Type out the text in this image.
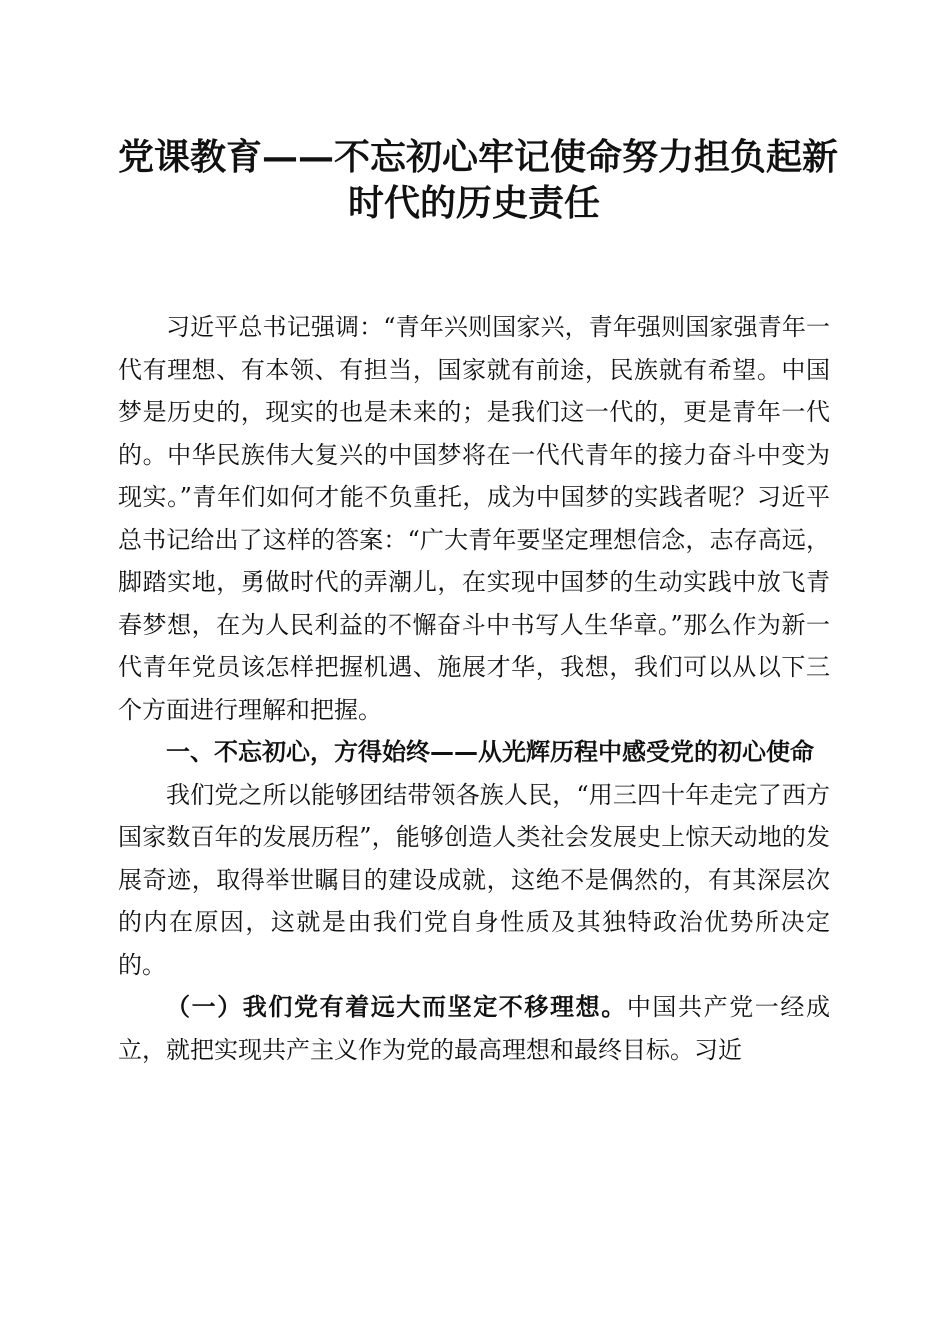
党课教育——不忘初心牢记使命努力担负起新
时代的历史责任

习近平总书记强调：“青年兴则国家兴，青年强则国家强青年一代有理想、有本领、有担当，国家就有前途，民族就有希望。中国梦是历史的，现实的也是未来的；是我们这一代的，更是青年一代的。中华民族伟大复兴的中国梦将在一代代青年的接力奋斗中变为现实。”青年们如何才能不负重托，成为中国梦的实践者呢？习近平总书记给出了这样的答案：“广大青年要坚定理想信念，志存高远，脚踏实地，勇做时代的弄潮儿，在实现中国梦的生动实践中放飞青春梦想，在为人民利益的不懈奋斗中书写人生华章。”那么作为新一代青年党员该怎样把握机遇、施展才华，我想，我们可以从以下三个方面进行理解和把握。

一、不忘初心，方得始终——从光辉历程中感受党的初心使命

我们党之所以能够团结带领各族人民，“用三四十年走完了西方国家数百年的发展历程”，能够创造人类社会发展史上惊天动地的发展奇迹，取得举世瞩目的建设成就，这绝不是偶然的，有其深层次的内在原因，这就是由我们党自身性质及其独特政治优势所决定的。

（一）我们党有着远大而坚定不移理想。中国共产党一经成立，就把实现共产主义作为党的最高理想和最终目标。习近
